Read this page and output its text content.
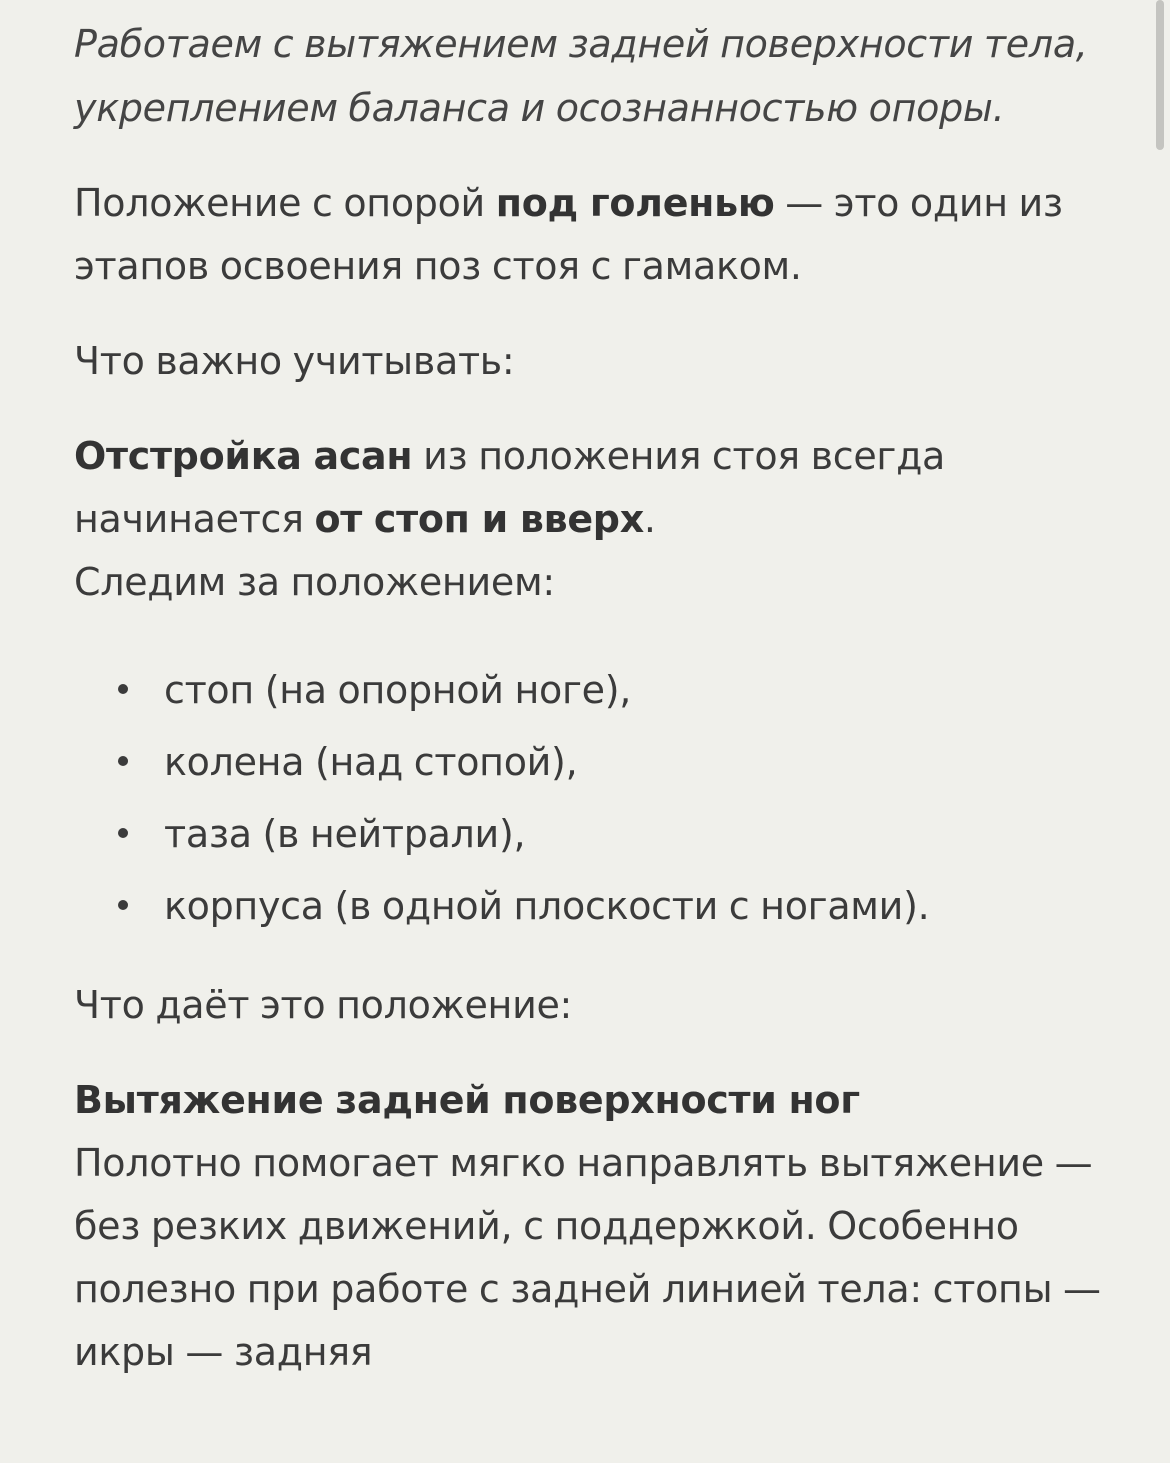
Работаем с вытяжением задней поверхности тела, укреплением баланса и осознанностью опоры.

Положение с опорой под голенью — это один из этапов освоения поз стоя с гамаком.

Что важно учитывать:

Отстройка асан из положения стоя всегда начинается от стоп и вверх.
Следим за положением:

стоп (на опорной ноге),
колена (над стопой),
таза (в нейтрали),
корпуса (в одной плоскости с ногами).

Что даёт это положение:

Вытяжение задней поверхности ног
Полотно помогает мягко направлять вытяжение — без резких движений, с поддержкой. Особенно полезно при работе с задней линией тела: стопы — икры — задняя
